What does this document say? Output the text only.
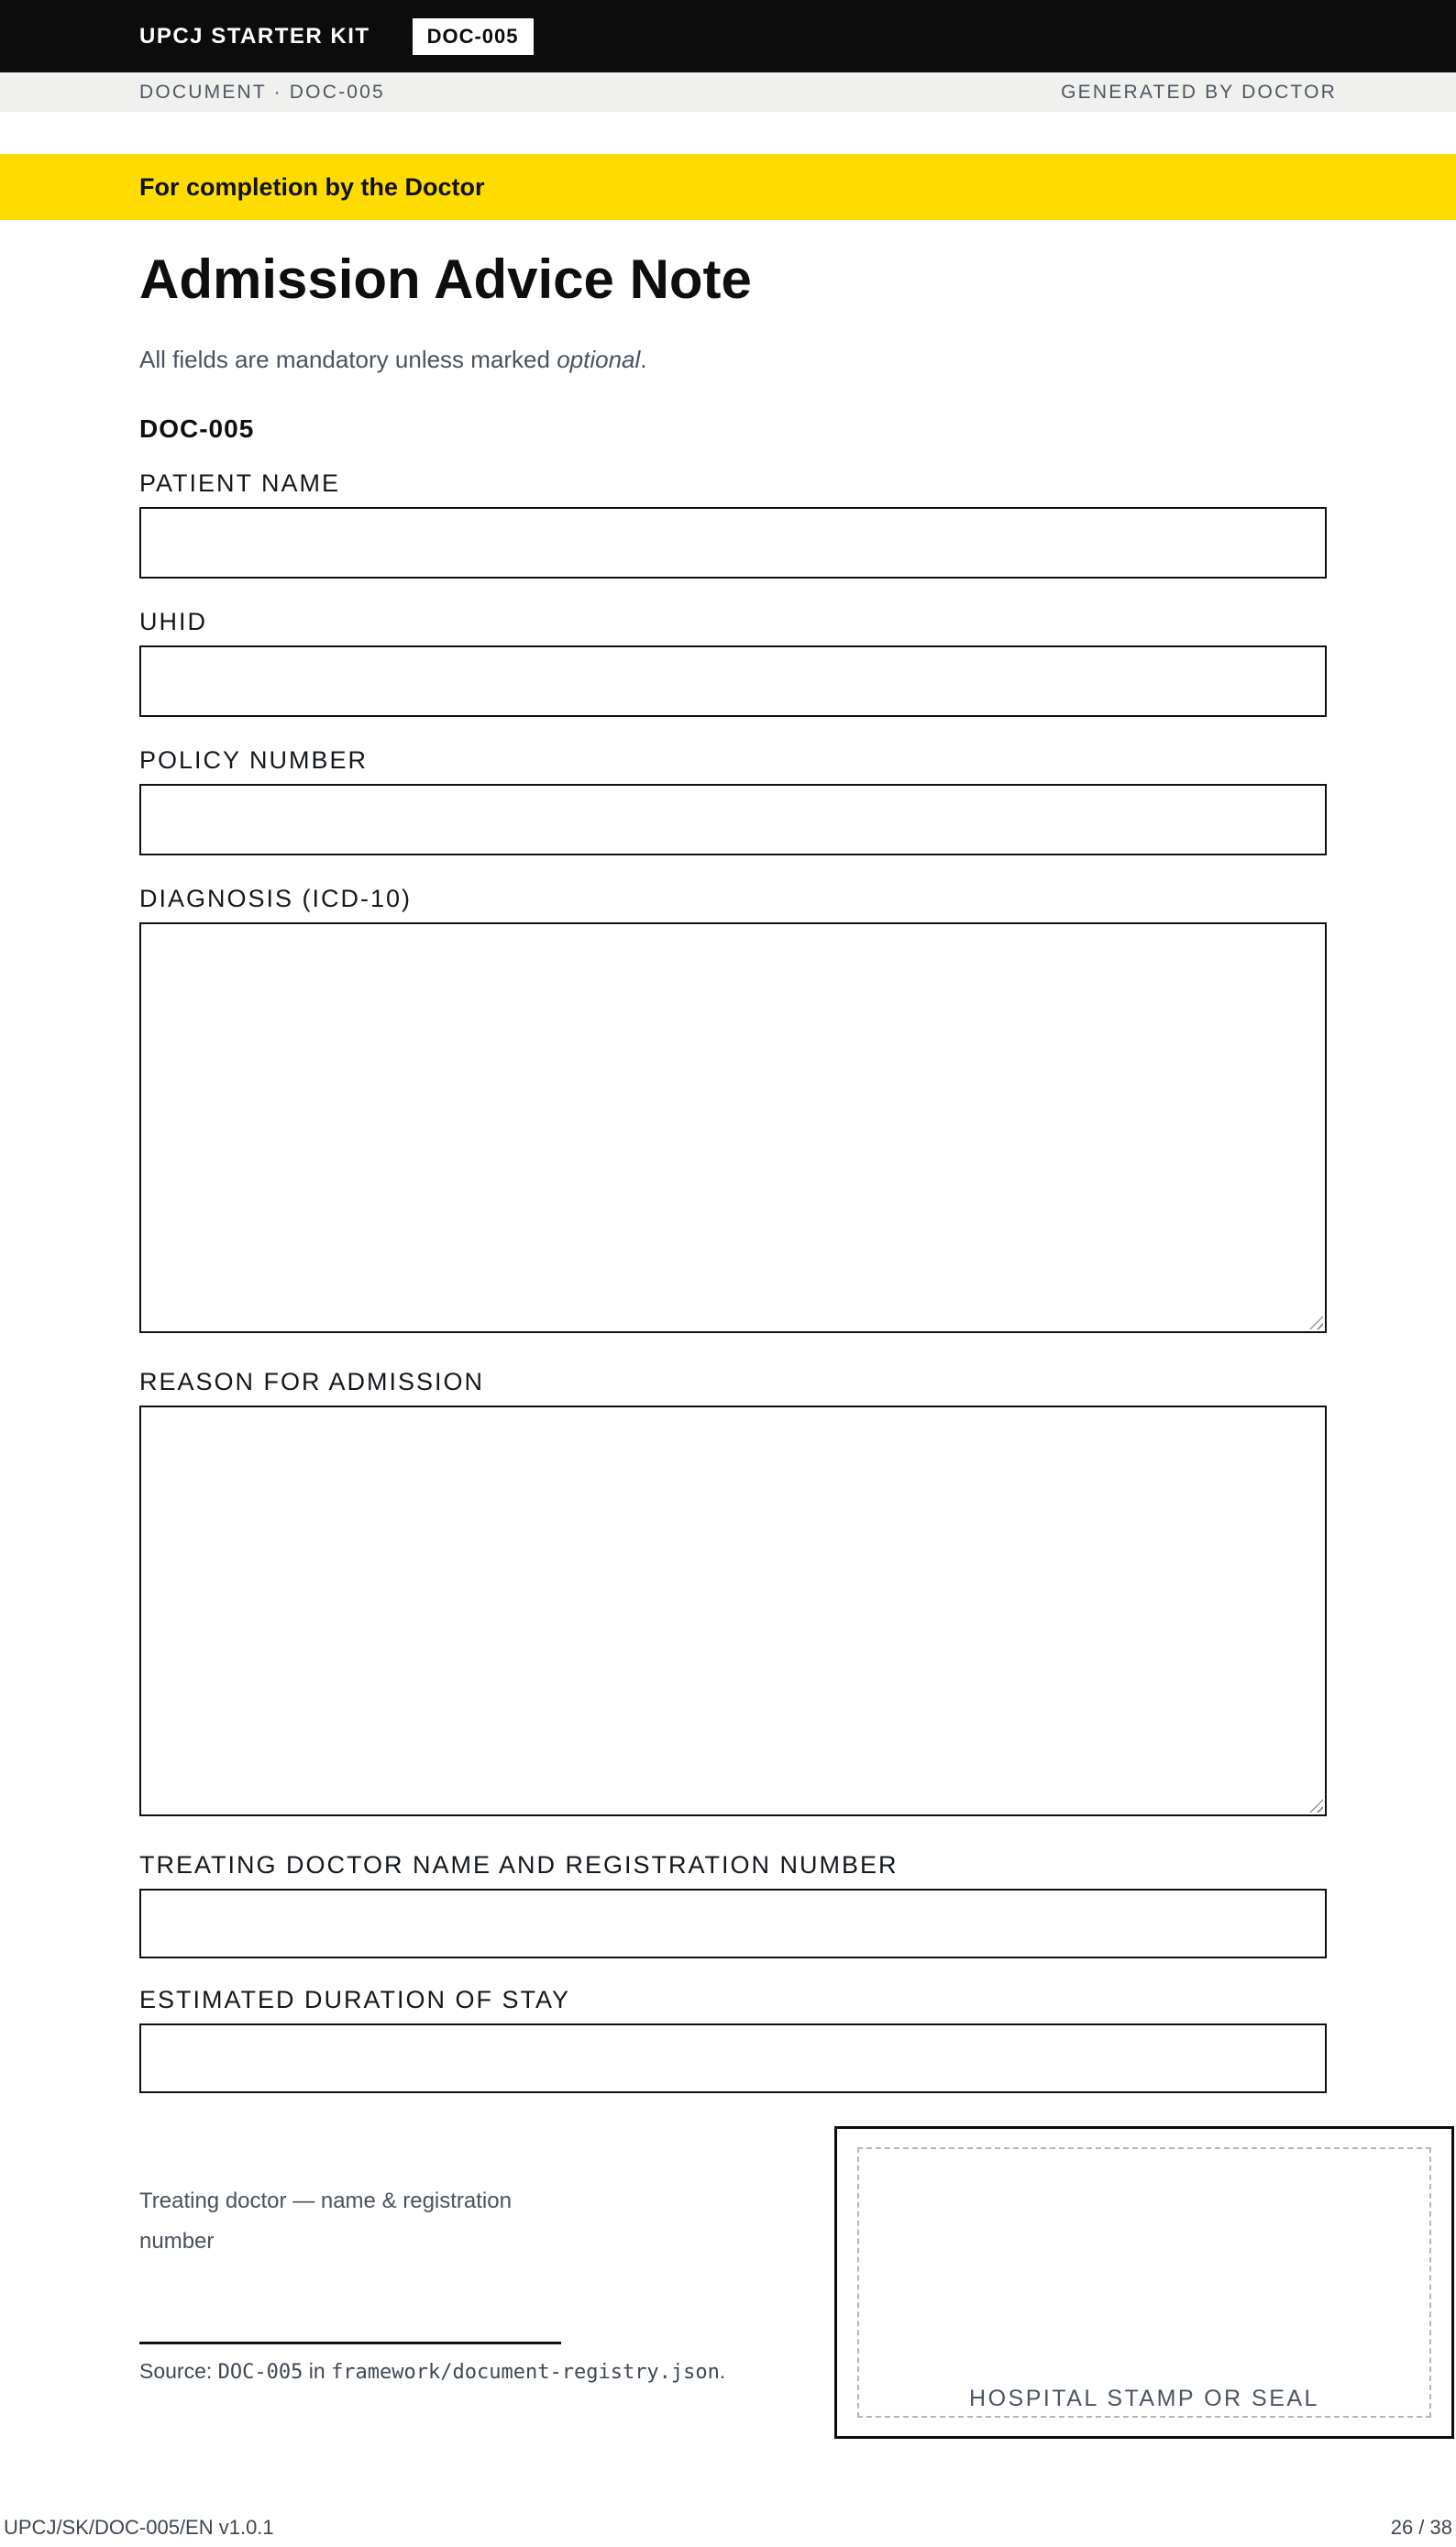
UPCJ STARTER KIT	DOC-005
DOCUMENT · DOC-005	GENERATED BY DOCTOR
For completion by the Doctor
Admission Advice Note

All fields are mandatory unless marked optional.

DOC-005
PATIENT NAME
UHID
POLICY NUMBER
DIAGNOSIS (ICD-10)
REASON FOR ADMISSION
TREATING DOCTOR NAME AND REGISTRATION NUMBER
ESTIMATED DURATION OF STAY

Treating doctor — name & registration number

Source: DOC-005 in framework/document-registry.json.

HOSPITAL STAMP OR SEAL
UPCJ/SK/DOC-005/EN v1.0.1	26 / 38
